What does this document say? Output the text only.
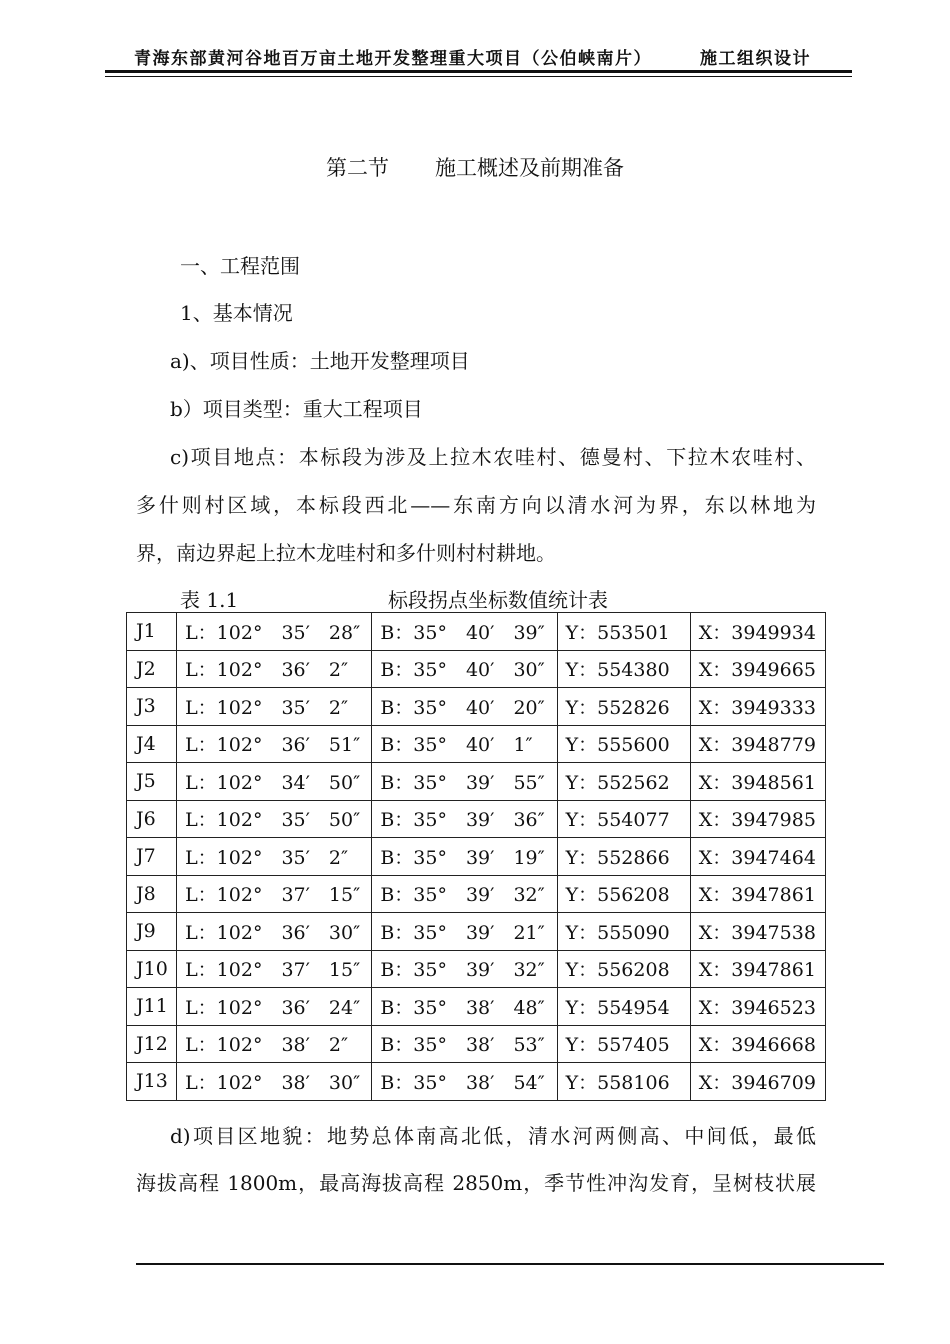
青海东部黄河谷地百万亩土地开发整理重大项目（公伯峡南片）	施工组织设计
第二节 施工概述及前期准备
一、工程范围
1、基本情况
a)、项目性质：土地开发整理项目
b）项目类型：重大工程项目
c)项目地点：本标段为涉及上拉木农哇村、德曼村、下拉木农哇村、
多什则村区域，本标段西北——东南方向以清水河为界，东以林地为
界，南边界起上拉木龙哇村和多什则村村耕地。
表 1.1	标段拐点坐标数值统计表
J1	L：102°　35′　28″	B：35°　40′　39″	Y：553501	X：3949934
J2	L：102°　36′　2″	B：35°　40′　30″	Y：554380	X：3949665
J3	L：102°　35′　2″	B：35°　40′　20″	Y：552826	X：3949333
J4	L：102°　36′　51″	B：35°　40′　1″	Y：555600	X：3948779
J5	L：102°　34′　50″	B：35°　39′　55″	Y：552562	X：3948561
J6	L：102°　35′　50″	B：35°　39′　36″	Y：554077	X：3947985
J7	L：102°　35′　2″	B：35°　39′　19″	Y：552866	X：3947464
J8	L：102°　37′　15″	B：35°　39′　32″	Y：556208	X：3947861
J9	L：102°　36′　30″	B：35°　39′　21″	Y：555090	X：3947538
J10	L：102°　37′　15″	B：35°　39′　32″	Y：556208	X：3947861
J11	L：102°　36′　24″	B：35°　38′　48″	Y：554954	X：3946523
J12	L：102°　38′　2″	B：35°　38′　53″	Y：557405	X：3946668
J13	L：102°　38′　30″	B：35°　38′　54″	Y：558106	X：3946709
d)项目区地貌：地势总体南高北低，清水河两侧高、中间低，最低
海拔高程 1800m，最高海拔高程 2850m，季节性冲沟发育，呈树枝状展
